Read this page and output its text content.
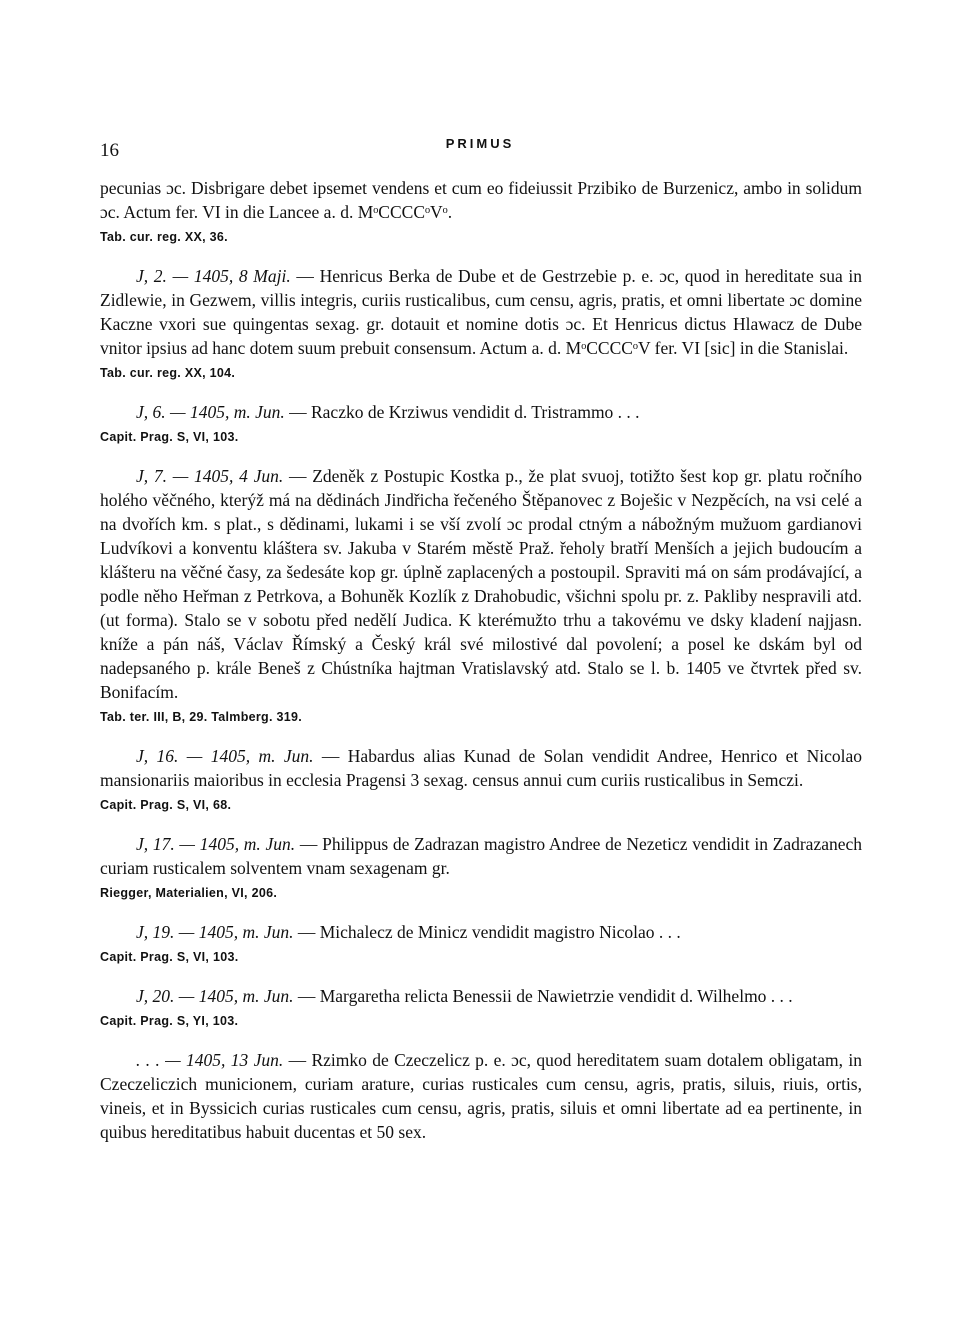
16	PRIMUS

pecunias ɔc. Disbrigare debet ipsemet vendens et cum eo fideiussit Przibiko de Burzenicz, ambo in solidum ɔc. Actum fer. VI in die Lancee a. d. MᵒCCCCᵒVᵒ.

Tab. cur. reg. XX, 36.

J, 2. — 1405, 8 Maji. — Henricus Berka de Dube et de Gestrzebie p. e. ɔc, quod in hereditate sua in Zidlewie, in Gezwem, villis integris, curiis rusticalibus, cum censu, agris, pratis, et omni libertate ɔc domine Kaczne vxori sue quingentas sexag. gr. dotauit et nomine dotis ɔc. Et Henricus dictus Hlawacz de Dube vnitor ipsius ad hanc dotem suum prebuit consensum. Actum a. d. MᵒCCCCᵒV fer. VI [sic] in die Stanislai.

Tab. cur. reg. XX, 104.

J, 6. — 1405, m. Jun. — Raczko de Krziwus vendidit d. Tristrammo . . .

Capit. Prag. S, VI, 103.

J, 7. — 1405, 4 Jun. — Zdeněk z Postupic Kostka p., že plat svuoj, totižto šest kop gr. platu ročního holého věčného, kterýž má na dědinách Jindřicha řečeného Štěpanovec z Boješic v Nezpěcích, na vsi celé a na dvořích km. s plat., s dědinami, lukami i se vší zvolí ɔc prodal ctným a nábožným mužuom gardianovi Ludvíkovi a konventu kláštera sv. Jakuba v Starém městě Praž. řeholy bratří Menších a jejich budoucím a klášteru na věčné časy, za šedesáte kop gr. úplně zaplacených a postoupil. Spraviti má on sám prodávající, a podle něho Heřman z Petrkova, a Bohuněk Kozlík z Drahobudic, všichni spolu pr. z. Pakliby nespravili atd. (ut forma). Stalo se v sobotu před nedělí Judica. K kterémužto trhu a takovému ve dsky kladení najjasn. kníže a pán náš, Václav Římský a Český král své milostivé dal povolení; a posel ke dskám byl od nadepsaného p. krále Beneš z Chústníka hajtman Vratislavský atd. Stalo se l. b. 1405 ve čtvrtek před sv. Bonifacím.

Tab. ter. III, B, 29. Talmberg. 319.

J, 16. — 1405, m. Jun. — Habardus alias Kunad de Solan vendidit Andree, Henrico et Nicolao mansionariis maioribus in ecclesia Pragensi 3 sexag. census annui cum curiis rusticalibus in Semczi.

Capit. Prag. S, VI, 68.

J, 17. — 1405, m. Jun. — Philippus de Zadrazan magistro Andree de Nezeticz vendidit in Zadrazanech curiam rusticalem solventem vnam sexagenam gr.

Riegger, Materialien, VI, 206.

J, 19. — 1405, m. Jun. — Michalecz de Minicz vendidit magistro Nicolao . . .

Capit. Prag. S, VI, 103.

J, 20. — 1405, m. Jun. — Margaretha relicta Benessii de Nawietrzie vendidit d. Wilhelmo . . .

Capit. Prag. S, YI, 103.

. . . — 1405, 13 Jun. — Rzimko de Czeczelicz p. e. ɔc, quod hereditatem suam dotalem obligatam, in Czeczeliczich municionem, curiam arature, curias rusticales cum censu, agris, pratis, siluis, riuis, ortis, vineis, et in Byssicich curias rusticales cum censu, agris, pratis, siluis et omni libertate ad ea pertinente, in quibus hereditatibus habuit ducentas et 50 sex.
